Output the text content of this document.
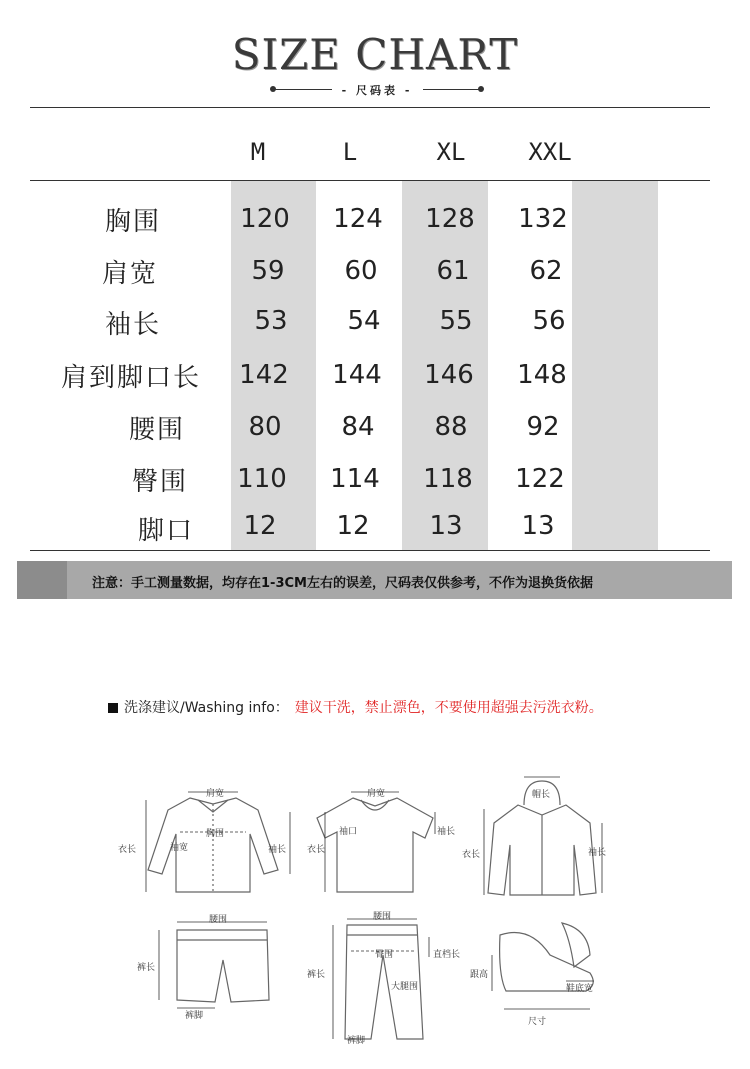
SIZE CHART
- 尺码表 -
M	L	XL	XXL
胸围	120	124	128	132
肩宽	59	60	61	62
袖长	53	54	55	56
肩到脚口长	142	144	146	148
腰围	80	84	88	92
臀围	110	114	118	122
脚口	12	12	13	13
注意：手工测量数据，均存在1-3CM左右的误差，尺码表仅供参考，不作为退换货依据
洗涤建议/Washing info： 建议干洗，禁止漂色，不要使用超强去污洗衣粉。
肩宽
胸围
衣长	袖宽	袖长
肩宽
袖口
衣长
袖长
帽长
衣长	袖长
腰围
裤长
裤脚
腰围
臀围	直档长
裤长
大腿围
裤脚
跟高
鞋底宽
尺寸
